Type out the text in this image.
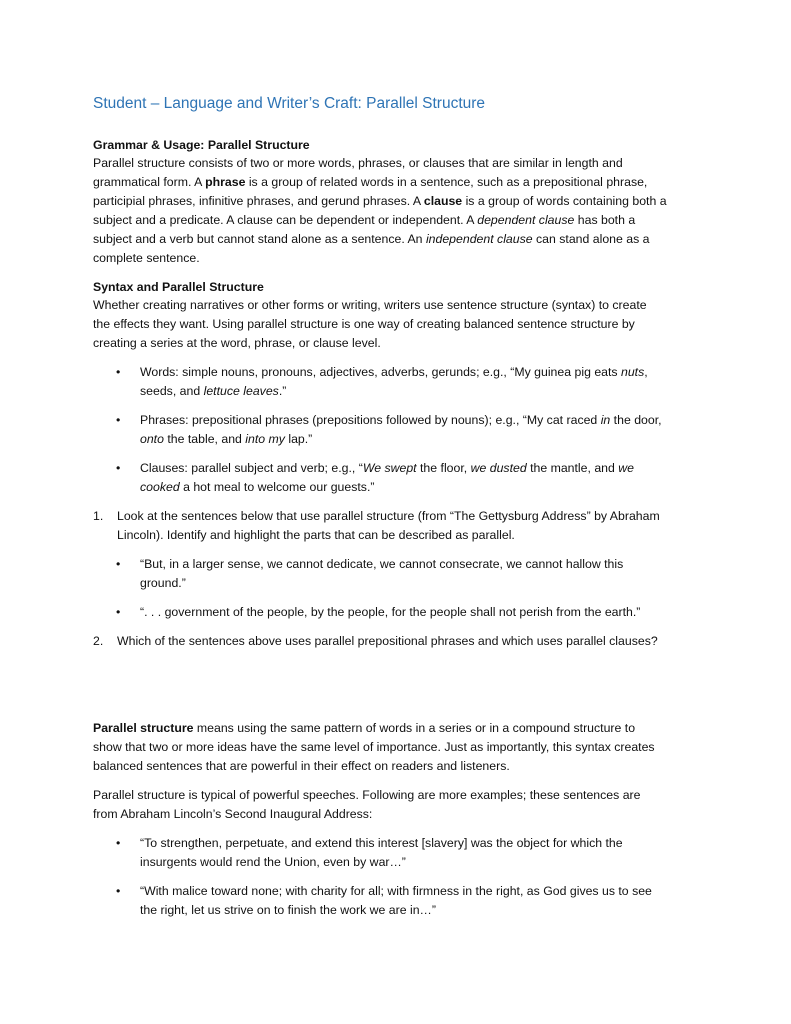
Student – Language and Writer’s Craft: Parallel Structure
Grammar & Usage: Parallel Structure
Parallel structure consists of two or more words, phrases, or clauses that are similar in length and
grammatical form. A phrase is a group of related words in a sentence, such as a prepositional phrase,
participial phrases, infinitive phrases, and gerund phrases. A clause is a group of words containing both a
subject and a predicate. A clause can be dependent or independent. A dependent clause has both a
subject and a verb but cannot stand alone as a sentence. An independent clause can stand alone as a
complete sentence.
Syntax and Parallel Structure
Whether creating narratives or other forms or writing, writers use sentence structure (syntax) to create
the effects they want. Using parallel structure is one way of creating balanced sentence structure by
creating a series at the word, phrase, or clause level.
• Words: simple nouns, pronouns, adjectives, adverbs, gerunds; e.g., “My guinea pig eats nuts,
seeds, and lettuce leaves.”
• Phrases: prepositional phrases (prepositions followed by nouns); e.g., “My cat raced in the door,
onto the table, and into my lap.”
• Clauses: parallel subject and verb; e.g., “We swept the floor, we dusted the mantle, and we
cooked a hot meal to welcome our guests.”
1. Look at the sentences below that use parallel structure (from “The Gettysburg Address” by Abraham
Lincoln). Identify and highlight the parts that can be described as parallel.
• “But, in a larger sense, we cannot dedicate, we cannot consecrate, we cannot hallow this
ground.”
• “. . . government of the people, by the people, for the people shall not perish from the earth.”
2. Which of the sentences above uses parallel prepositional phrases and which uses parallel clauses?
Parallel structure means using the same pattern of words in a series or in a compound structure to
show that two or more ideas have the same level of importance. Just as importantly, this syntax creates
balanced sentences that are powerful in their effect on readers and listeners.
Parallel structure is typical of powerful speeches. Following are more examples; these sentences are
from Abraham Lincoln’s Second Inaugural Address:
• “To strengthen, perpetuate, and extend this interest [slavery] was the object for which the
insurgents would rend the Union, even by war…”
• “With malice toward none; with charity for all; with firmness in the right, as God gives us to see
the right, let us strive on to finish the work we are in…”
